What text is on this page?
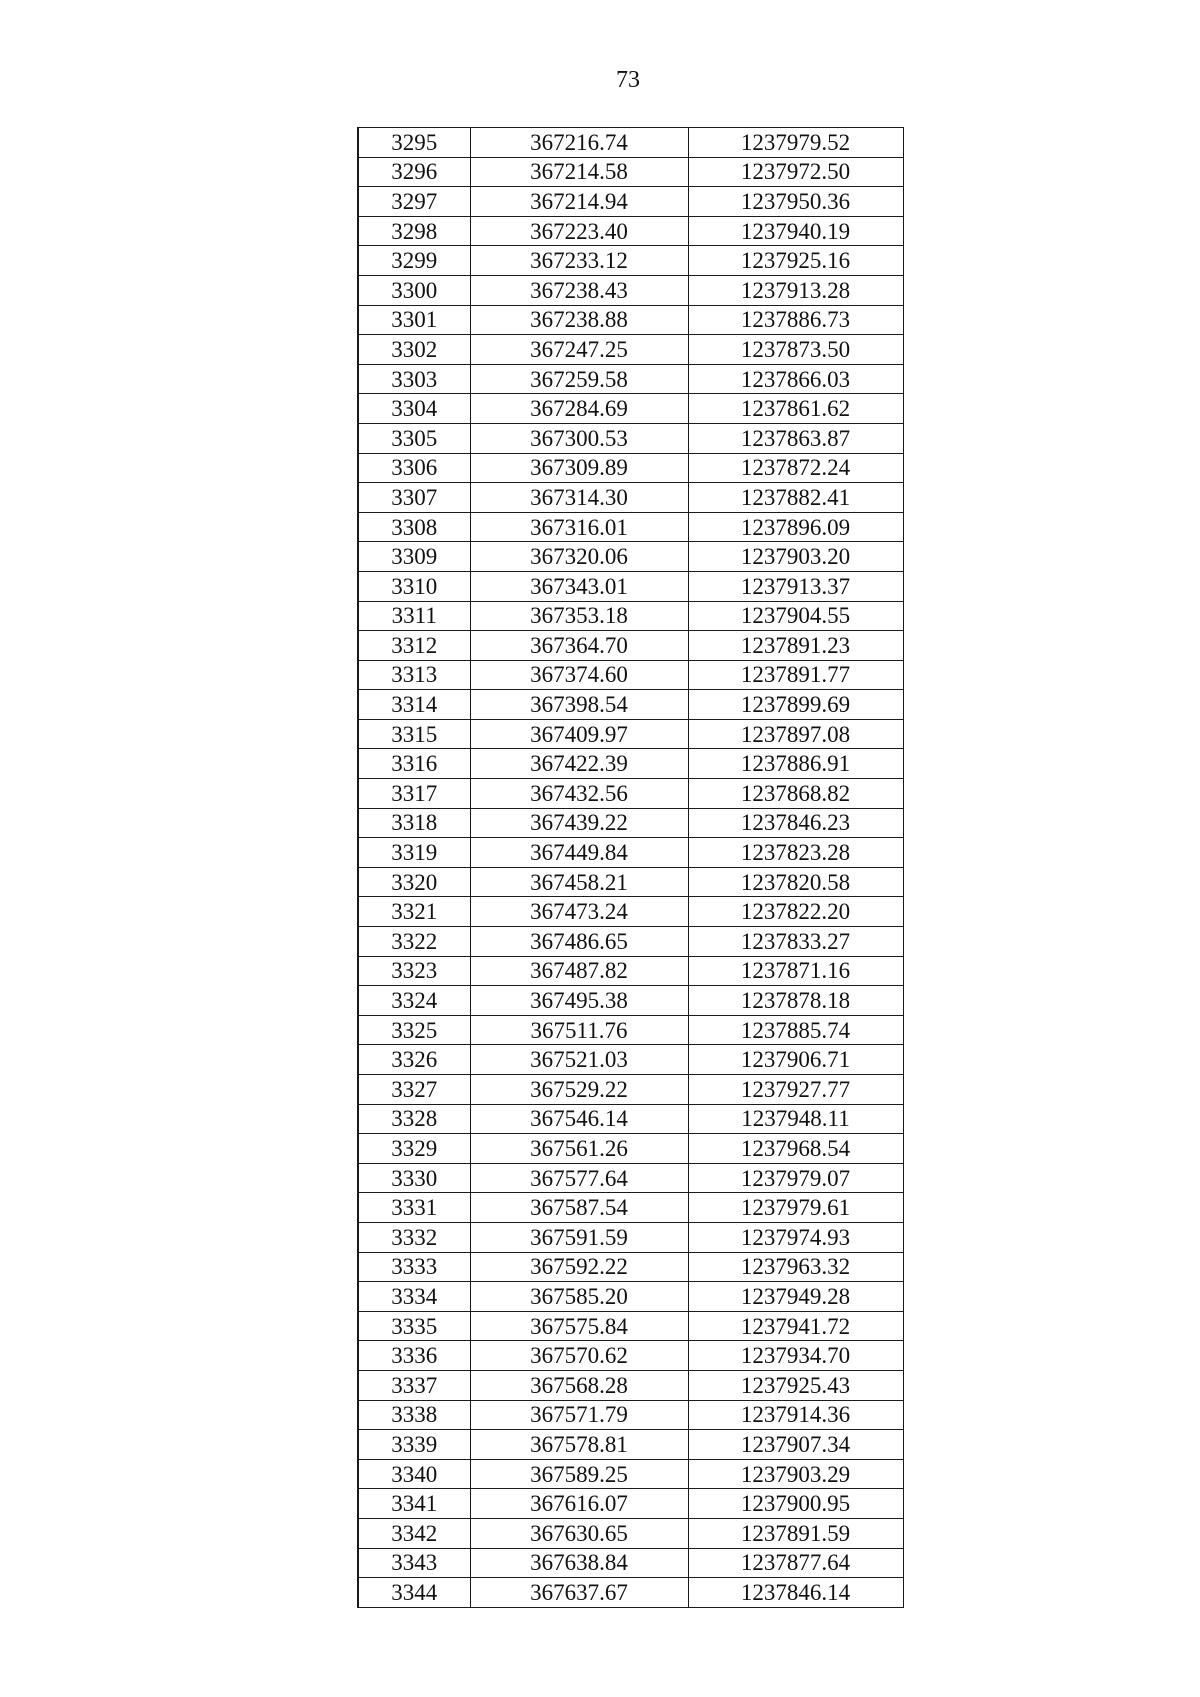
73
3295	367216.74	1237979.52
3296	367214.58	1237972.50
3297	367214.94	1237950.36
3298	367223.40	1237940.19
3299	367233.12	1237925.16
3300	367238.43	1237913.28
3301	367238.88	1237886.73
3302	367247.25	1237873.50
3303	367259.58	1237866.03
3304	367284.69	1237861.62
3305	367300.53	1237863.87
3306	367309.89	1237872.24
3307	367314.30	1237882.41
3308	367316.01	1237896.09
3309	367320.06	1237903.20
3310	367343.01	1237913.37
3311	367353.18	1237904.55
3312	367364.70	1237891.23
3313	367374.60	1237891.77
3314	367398.54	1237899.69
3315	367409.97	1237897.08
3316	367422.39	1237886.91
3317	367432.56	1237868.82
3318	367439.22	1237846.23
3319	367449.84	1237823.28
3320	367458.21	1237820.58
3321	367473.24	1237822.20
3322	367486.65	1237833.27
3323	367487.82	1237871.16
3324	367495.38	1237878.18
3325	367511.76	1237885.74
3326	367521.03	1237906.71
3327	367529.22	1237927.77
3328	367546.14	1237948.11
3329	367561.26	1237968.54
3330	367577.64	1237979.07
3331	367587.54	1237979.61
3332	367591.59	1237974.93
3333	367592.22	1237963.32
3334	367585.20	1237949.28
3335	367575.84	1237941.72
3336	367570.62	1237934.70
3337	367568.28	1237925.43
3338	367571.79	1237914.36
3339	367578.81	1237907.34
3340	367589.25	1237903.29
3341	367616.07	1237900.95
3342	367630.65	1237891.59
3343	367638.84	1237877.64
3344	367637.67	1237846.14
